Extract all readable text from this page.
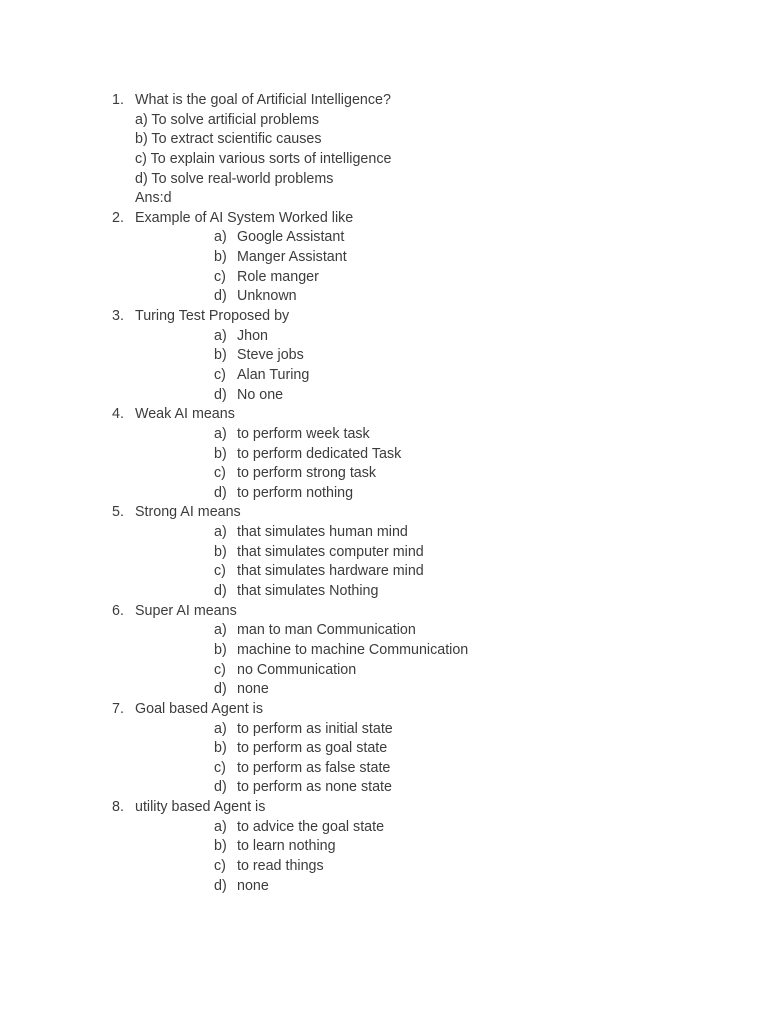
1. What is the goal of Artificial Intelligence?
a) To solve artificial problems
b) To extract scientific causes
c) To explain various sorts of intelligence
d) To solve real-world problems
Ans:d
2. Example of AI System Worked like
a) Google Assistant
b) Manger Assistant
c) Role manger
d) Unknown
3. Turing Test Proposed by
a) Jhon
b) Steve jobs
c) Alan Turing
d) No one
4. Weak AI means
a) to perform week task
b) to perform dedicated Task
c) to perform strong task
d) to perform nothing
5. Strong AI means
a) that simulates human mind
b) that simulates computer mind
c) that simulates hardware mind
d) that simulates Nothing
6. Super AI means
a) man to man Communication
b) machine to machine Communication
c) no Communication
d) none
7. Goal based Agent is
a) to perform as initial state
b) to perform as goal state
c) to perform as false state
d) to perform as none state
8. utility based Agent is
a) to advice the goal state
b) to learn nothing
c) to read things
d) none
